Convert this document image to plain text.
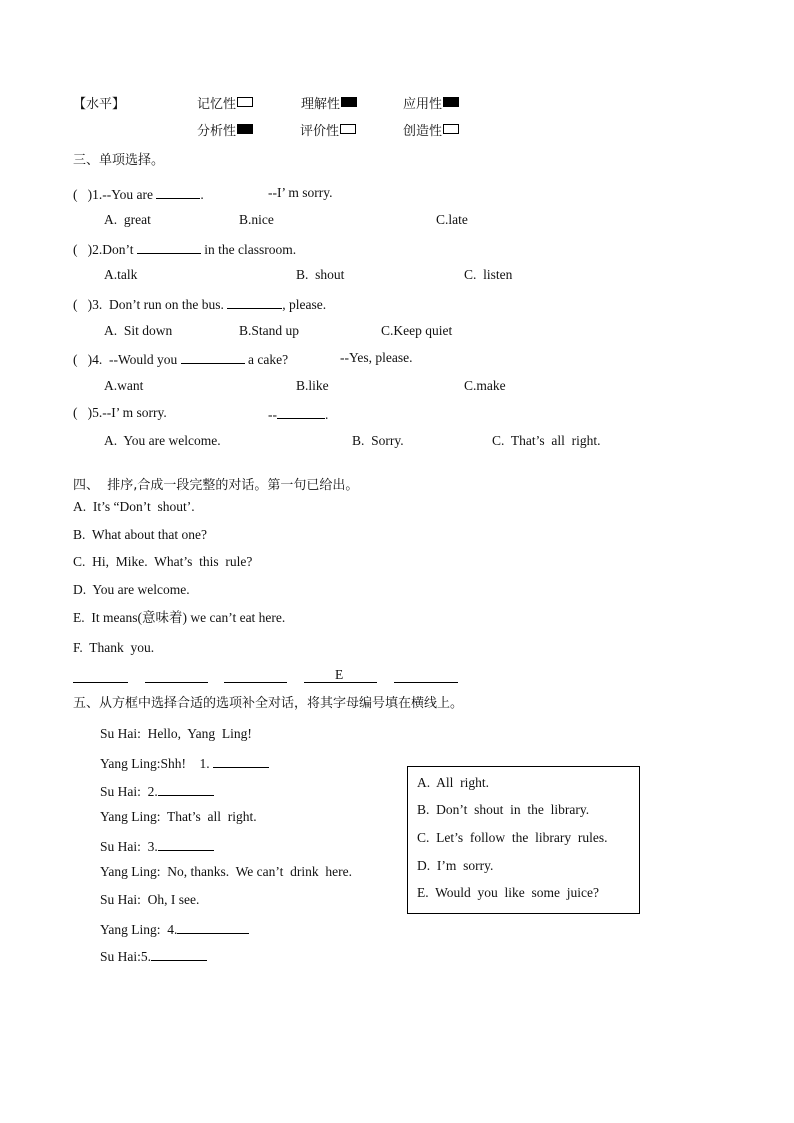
【水平】	记忆性	理解性	应用性
分析性	评价性	创造性
三、单项选择。
(   )1.--You are	.	--I’ m sorry.
A.  great	B.nice	C.late
(   )2.Don’t	in the classroom.
A.talk	B.  shout	C.  listen
(   )3.  Don’t run on the bus.	, please.
A.  Sit down	B.Stand up	C.Keep quiet
(   )4.  --Would you	a cake?	--Yes, please.
A.want	B.like	C.make
(   )5.--I’ m sorry.	--	.
A.  You are welcome.	B.  Sorry.	C.  That’s  all  right.
四、  排序,合成一段完整的对话。第一句已给出。
A.  It’s “Don’t  shout’.
B.  What about that one?
C.  Hi,  Mike.  What’s  this  rule?
D.  You are welcome.
E.  It means(意味着) we can’t eat here.
F.  Thank  you.
E
五、从方框中选择合适的选项补全对话，将其字母编号填在横线上。
Su Hai:  Hello,  Yang  Ling!
Yang Ling:Shh!    1.
Su Hai:  2.
Yang Ling:  That’s  all  right.
Su Hai:  3.
Yang Ling:  No, thanks.  We can’t  drink  here.
Su Hai:  Oh, I see.
Yang Ling:  4.
Su Hai:5.
A.  All  right.
B.  Don’t  shout  in  the  library.
C.  Let’s  follow  the  library  rules.
D.  I’m  sorry.
E.  Would  you  like  some  juice?
